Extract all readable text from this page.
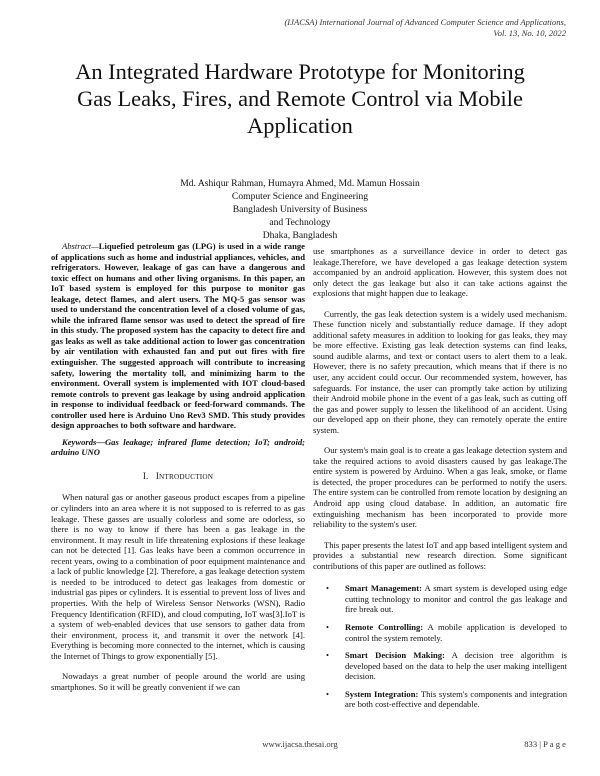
(IJACSA) International Journal of Advanced Computer Science and Applications,
Vol. 13, No. 10, 2022
An Integrated Hardware Prototype for Monitoring
Gas Leaks, Fires, and Remote Control via Mobile
Application
Md. Ashiqur Rahman, Humayra Ahmed, Md. Mamun Hossain
Computer Science and Engineering
Bangladesh University of Business
and Technology
Dhaka, Bangladesh

Abstract—Liquefied petroleum gas (LPG) is used in a wide range of applications such as home and industrial appliances, vehicles, and refrigerators. However, leakage of gas can have a dangerous and toxic effect on humans and other living organisms. In this paper, an IoT based system is employed for this purpose to monitor gas leakage, detect flames, and alert users. The MQ-5 gas sensor was used to understand the concentration level of a closed volume of gas, while the infrared flame sensor was used to detect the spread of fire in this study. The proposed system has the capacity to detect fire and gas leaks as well as take additional action to lower gas concentration by air ventilation with exhausted fan and put out fires with fire extinguisher. The suggested approach will contribute to increasing safety, lowering the mortality toll, and minimizing harm to the environment. Overall system is implemented with IOT cloud-based remote controls to prevent gas leakage by using android application in response to individual feedback or feed-forward commands. The controller used here is Arduino Uno Rev3 SMD. This study provides design approaches to both software and hardware.

Keywords—Gas leakage; infrared flame detection; IoT; android; arduino UNO

I. INTRODUCTION

When natural gas or another gaseous product escapes from a pipeline or cylinders into an area where it is not supposed to is referred to as gas leakage. These gasses are usually colorless and some are odorless, so there is no way to know if there has been a gas leakage in the environment. It may result in life threatening explosions if these leakage can not be detected [1]. Gas leaks have been a common occurrence in recent years, owing to a combination of poor equipment maintenance and a lack of public knowledge [2]. Therefore, a gas leakage detection system is needed to be introduced to detect gas leakages from domestic or industrial gas pipes or cylinders. It is essential to prevent loss of lives and properties. With the help of Wireless Sensor Networks (WSN), Radio Frequency Identification (RFID), and cloud computing, IoT was[3].IoT is a system of web-enabled devices that use sensors to gather data from their environment, process it, and transmit it over the network [4]. Everything is becoming more connected to the internet, which is causing the Internet of Things to grow exponentially [5].

Nowadays a great number of people around the world are using smartphones. So it will be greatly convenient if we can

use smartphones as a surveillance device in order to detect gas leakage.Therefore, we have developed a gas leakage detection system accompanied by an android application. However, this system does not only detect the gas leakage but also it can take actions against the explosions that might happen due to leakage.

Currently, the gas leak detection system is a widely used mechanism. These function nicely and substantially reduce damage. If they adopt additional safety measures in addition to looking for gas leaks, they may be more effective. Existing gas leak detection systems can find leaks, sound audible alarms, and text or contact users to alert them to a leak. However, there is no safety precaution, which means that if there is no user, any accident could occur. Our recommended system, however, has safeguards. For instance, the user can promptly take action by utilizing their Android mobile phone in the event of a gas leak, such as cutting off the gas and power supply to lessen the likelihood of an accident. Using our developed app on their phone, they can remotely operate the entire system.

Our system's main goal is to create a gas leakage detection system and take the required actions to avoid disasters caused by gas leakage.The entire system is powered by Arduino. When a gas leak, smoke, or flame is detected, the proper procedures can be performed to notify the users. The entire system can be controlled from remote location by designing an Android app using cloud database. In addition, an automatic fire extinguishing mechanism has been incorporated to provide more reliability to the system's user.

This paper presents the latest IoT and app based intelligent system and provides a substantial new research direction. Some significant contributions of this paper are outlined as follows:

• Smart Management: A smart system is developed using edge cutting technology to monitor and control the gas leakage and fire break out.
• Remote Controlling: A mobile application is developed to control the system remotely.
• Smart Decision Making: A decision tree algorithm is developed based on the data to help the user making intelligent decision.
• System Integration: This system's components and integration are both cost-effective and dependable.
www.ijacsa.thesai.org	833 | P a g e
